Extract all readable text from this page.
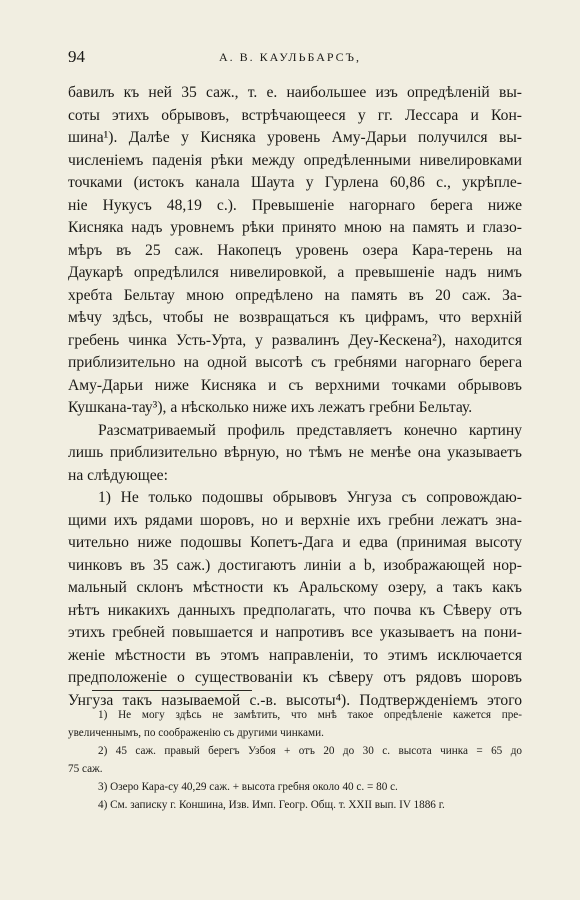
94	А. В. КАУЛЬБАРСЪ,

бавилъ къ ней 35 саж., т. е. наибольшее изъ опредѣленій вы-
соты этихъ обрывовъ, встрѣчающееся у гг. Лессара и Кон-
шина¹). Далѣе у Кисняка уровень Аму-Дарьи получился вы-
численіемъ паденія рѣки между опредѣленными нивелировками
точками (истокъ канала Шаута у Гурлена 60,86 с., укрѣпле-
ніе Нукусъ 48,19 с.). Превышеніе нагорнаго берега ниже
Кисняка надъ уровнемъ рѣки принято мною на память и глазо-
мѣръ въ 25 саж. Накопецъ уровень озера Кара-терень на
Даукарѣ опредѣлился нивелировкой, а превышеніе надъ нимъ
хребта Бельтау мною опредѣлено на память въ 20 саж. За-
мѣчу здѣсь, чтобы не возвращаться къ цифрамъ, что верхній
гребень чинка Усть-Урта, у развалинъ Деу-Кескена²), находится
приблизительно на одной высотѣ съ гребнями нагорнаго берега
Аму-Дарьи ниже Кисняка и съ верхними точками обрывовъ
Кушкана-тау³), а нѣсколько ниже ихъ лежатъ гребни Бельтау.

Разсматриваемый профиль представляетъ конечно картину
лишь приблизительно вѣрную, но тѣмъ не менѣе она указываетъ
на слѣдующее:

1) Не только подошвы обрывовъ Унгуза съ сопровождаю-
щими ихъ рядами шоровъ, но и верхніе ихъ гребни лежатъ зна-
чительно ниже подошвы Копетъ-Дага и едва (принимая высоту
чинковъ въ 35 саж.) достигаютъ линіи a b, изображающей нор-
мальный склонъ мѣстности къ Аральскому озеру, а такъ какъ
нѣтъ никакихъ данныхъ предполагать, что почва къ Сѣверу отъ
этихъ гребней повышается и напротивъ все указываетъ на пони-
женіе мѣстности въ этомъ направленіи, то этимъ исключается
предположеніе о существованіи къ сѣверу отъ рядовъ шоровъ
Унгуза такъ называемой с.-в. высоты⁴). Подтвержденіемъ этого

1) Не могу здѣсь не замѣтить, что мнѣ такое опредѣленіе кажется пре-
увеличеннымъ, по соображенію съ другими чинками.
2) 45 саж. правый берегъ Узбоя + отъ 20 до 30 с. высота чинка = 65 до
75 саж.
3) Озеро Кара-су 40,29 саж. + высота гребня около 40 с. = 80 с.
4) См. записку г. Коншина, Изв. Имп. Геогр. Общ. т. XXII вып. IV 1886 г.
